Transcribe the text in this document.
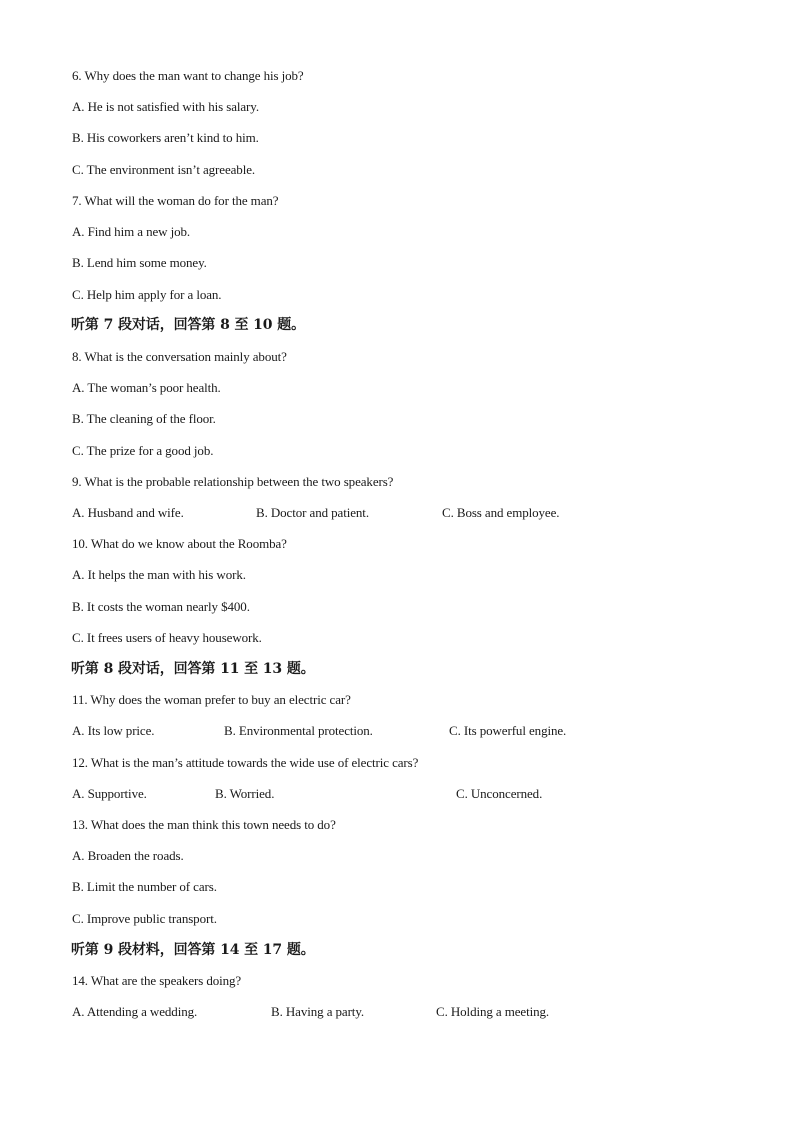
6. Why does the man want to change his job?
A. He is not satisfied with his salary.
B. His coworkers aren’t kind to him.
C. The environment isn’t agreeable.
7. What will the woman do for the man?
A. Find him a new job.
B. Lend him some money.
C. Help him apply for a loan.
听第 7 段对话，回答第 8 至 10 题。
8. What is the conversation mainly about?
A. The woman’s poor health.
B. The cleaning of the floor.
C. The prize for a good job.
9. What is the probable relationship between the two speakers?
A. Husband and wife.	B. Doctor and patient.	C. Boss and employee.
10. What do we know about the Roomba?
A. It helps the man with his work.
B. It costs the woman nearly $400.
C. It frees users of heavy housework.
听第 8 段对话，回答第 11 至 13 题。
11. Why does the woman prefer to buy an electric car?
A. Its low price.	B. Environmental protection.	C. Its powerful engine.
12. What is the man’s attitude towards the wide use of electric cars?
A. Supportive.	B. Worried.	C. Unconcerned.
13. What does the man think this town needs to do?
A. Broaden the roads.
B. Limit the number of cars.
C. Improve public transport.
听第 9 段材料，回答第 14 至 17 题。
14. What are the speakers doing?
A. Attending a wedding.	B. Having a party.	C. Holding a meeting.
